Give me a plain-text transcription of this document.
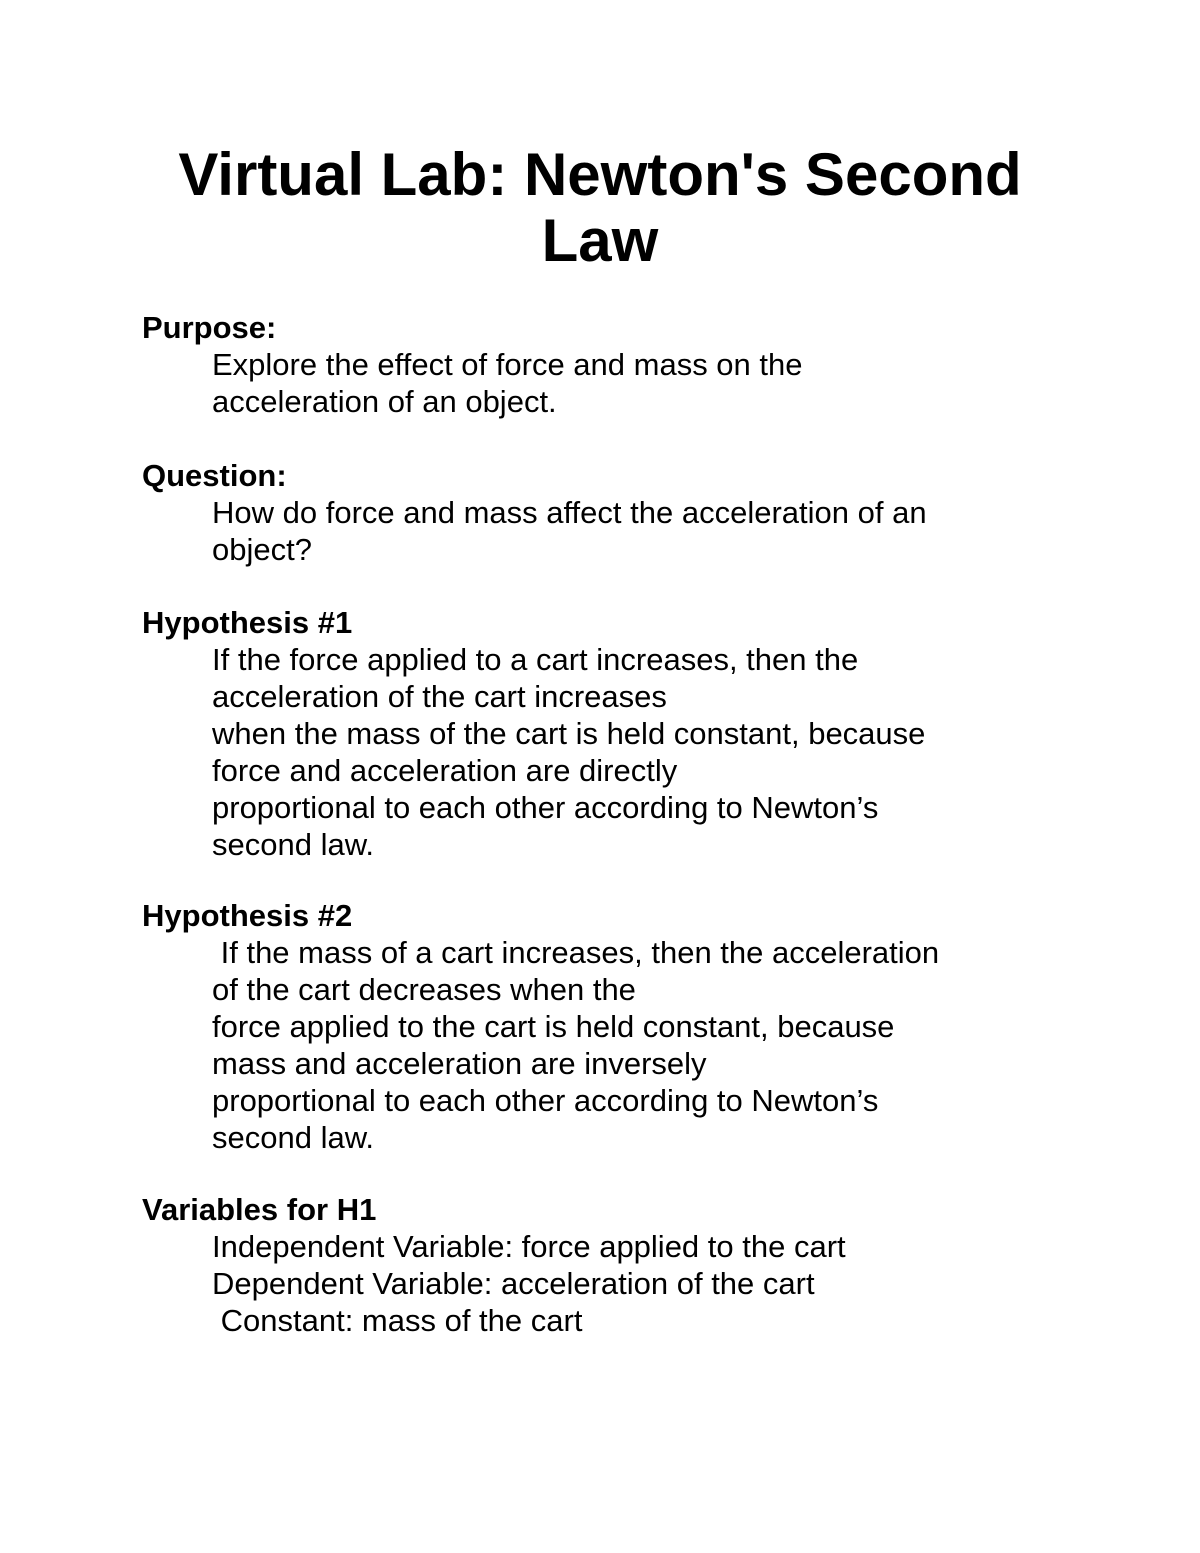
Virtual Lab: Newton's Second
Law

Purpose:

Explore the effect of force and mass on the

acceleration of an object.

Question:

How do force and mass affect the acceleration of an

object?

Hypothesis #1

If the force applied to a cart increases, then the

acceleration of the cart increases

when the mass of the cart is held constant, because

force and acceleration are directly

proportional to each other according to Newton’s

second law.

Hypothesis #2

If the mass of a cart increases, then the acceleration

of the cart decreases when the

force applied to the cart is held constant, because

mass and acceleration are inversely

proportional to each other according to Newton’s

second law.

Variables for H1

Independent Variable: force applied to the cart

Dependent Variable: acceleration of the cart

Constant: mass of the cart
